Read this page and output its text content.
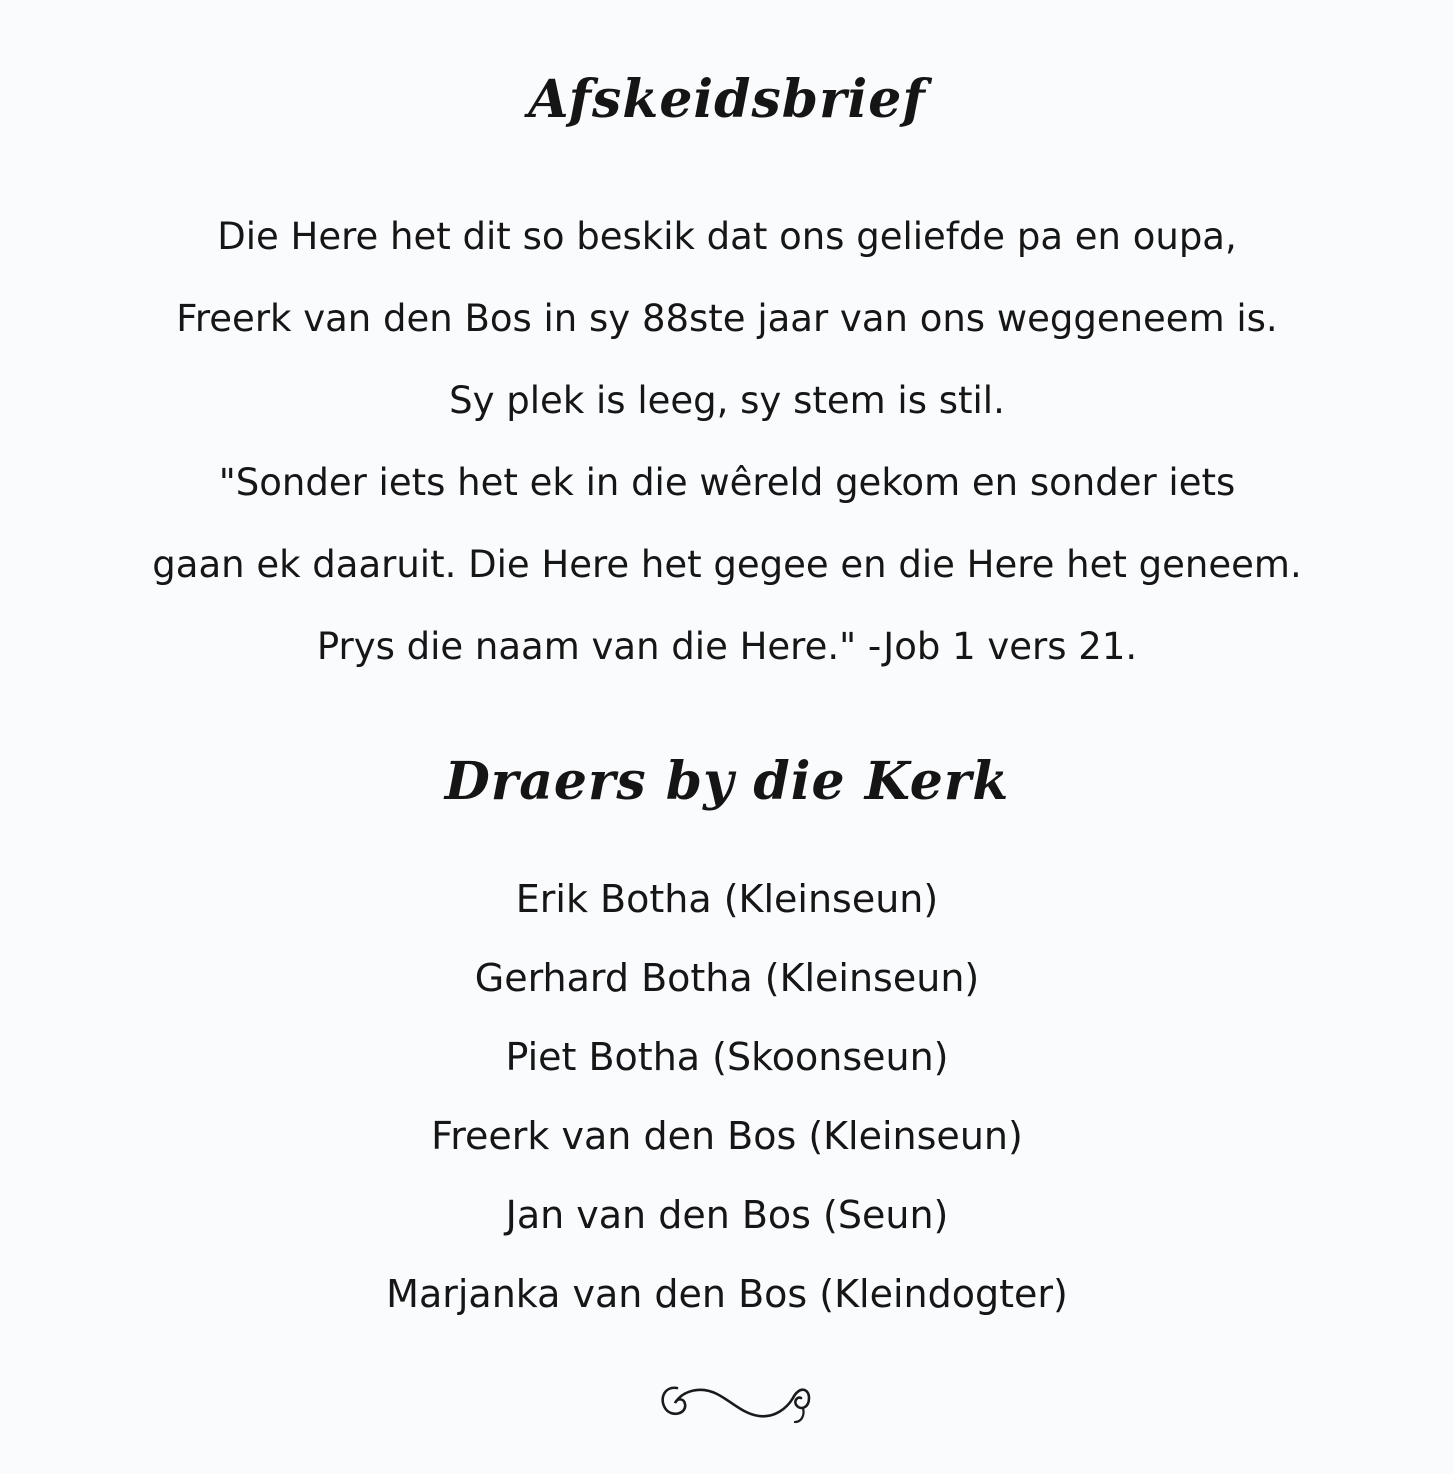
Afskeidsbrief

Die Here het dit so beskik dat ons geliefde pa en oupa,

Freerk van den Bos in sy 88ste jaar van ons weggeneem is.

Sy plek is leeg, sy stem is stil.

"Sonder iets het ek in die wêreld gekom en sonder iets

gaan ek daaruit. Die Here het gegee en die Here het geneem.

Prys die naam van die Here." -Job 1 vers 21.

Draers by die Kerk

Erik Botha (Kleinseun)

Gerhard Botha (Kleinseun)

Piet Botha (Skoonseun)

Freerk van den Bos (Kleinseun)

Jan van den Bos (Seun)

Marjanka van den Bos (Kleindogter)
